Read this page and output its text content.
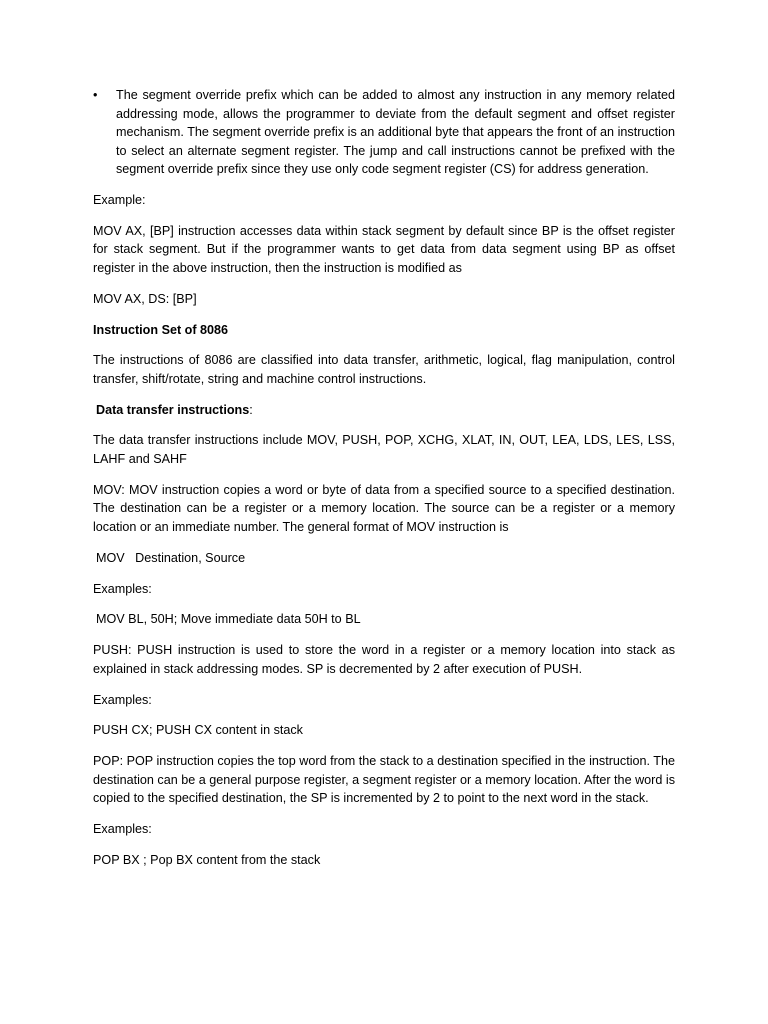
•	The segment override prefix which can be added to almost any instruction in any memory related addressing mode, allows the programmer to deviate from the default segment and offset register mechanism. The segment override prefix is an additional byte that appears the front of an instruction to select an alternate segment register. The jump and call instructions cannot be prefixed with the segment override prefix since they use only code segment register (CS) for address generation.

Example:

MOV AX, [BP] instruction accesses data within stack segment by default since BP is the offset register for stack segment. But if the programmer wants to get data from data segment using BP as offset register in the above instruction, then the instruction is modified as

MOV AX, DS: [BP]

Instruction Set of 8086

The instructions of 8086 are classified into data transfer, arithmetic, logical, flag manipulation, control transfer, shift/rotate, string and machine control instructions.

Data transfer instructions:

The data transfer instructions include MOV, PUSH, POP, XCHG, XLAT, IN, OUT, LEA, LDS, LES, LSS, LAHF and SAHF

MOV: MOV instruction copies a word or byte of data from a specified source to a specified destination. The destination can be a register or a memory location. The source can be a register or a memory location or an immediate number. The general format of MOV instruction is

MOV   Destination, Source

Examples:

MOV BL, 50H; Move immediate data 50H to BL

PUSH: PUSH instruction is used to store the word in a register or a memory location into stack as explained in stack addressing modes. SP is decremented by 2 after execution of PUSH.

Examples:

PUSH CX; PUSH CX content in stack

POP: POP instruction copies the top word from the stack to a destination specified in the instruction. The destination can be a general purpose register, a segment register or a memory location. After the word is copied to the specified destination, the SP is incremented by 2 to point to the next word in the stack.

Examples:

POP BX ; Pop BX content from the stack
